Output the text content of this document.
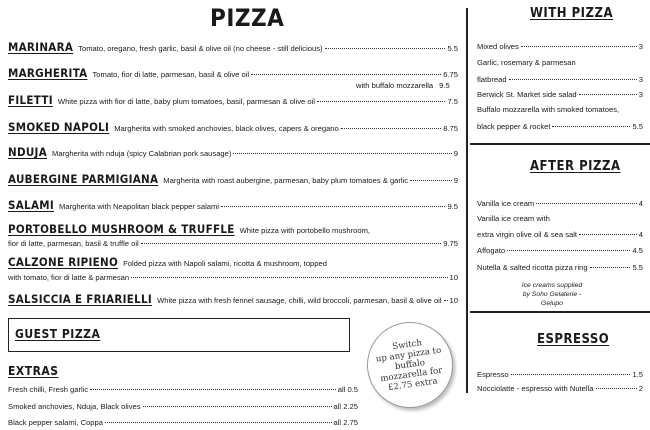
PIZZA
MARINARA Tomato, oregano, fresh garlic, basil & olive oil (no cheese - still delicious)	5.5
MARGHERITA Tomato, fior di latte, parmesan, basil & olive oil	6.75
with buffalo mozzarella 9.5
FILETTI White pizza with fior di latte, baby plum tomatoes, basil, parmesan & olive oil	7.5
SMOKED NAPOLI Margherita with smoked anchovies, black olives, capers & oregano	8.75
NDUJA Margherita with nduja (spicy Calabrian pork sausage)	9
AUBERGINE PARMIGIANA Margherita with roast aubergine, parmesan, baby plum tomatoes & garlic	9
SALAMI Margherita with Neapolitan black pepper salami	9.5
PORTOBELLO MUSHROOM & TRUFFLE White pizza with portobello mushroom,
fior di latte, parmesan, basil & truffle oil	9.75
CALZONE RIPIENO Folded pizza with Napoli salami, ricotta & mushroom, topped
with tomato, fior di latte & parmesan	10
SALSICCIA E FRIARIELLI White pizza with fresh fennel sausage, chilli, wild broccoli, parmesan, basil & olive oil 10
GUEST PIZZA
Switch
up any pizza to
buffalo
mozzarella for
£2.75 extra
EXTRAS
Fresh chilli, Fresh garlic	all 0.5
Smoked anchovies, Nduja, Black olives	all 2.25
Black pepper salami, Coppa	all 2.75
WITH PIZZA
Mixed olives	3
Garlic, rosemary & parmesan
flatbread	3
Berwick St. Market side salad	3
Buffalo mozzarella with smoked tomatoes,
black pepper & rocket	5.5
AFTER PIZZA
Vanilla ice cream	4
Vanilla ice cream with
extra virgin olive oil & sea salt	4
Affogato	4.5
Nutella & salted ricotta pizza ring	5.5
Ice creams supplied by Soho Gelaterie - Gelupo
ESPRESSO
Espresso	1.5
Nocciolatte - espresso with Nutella	2
